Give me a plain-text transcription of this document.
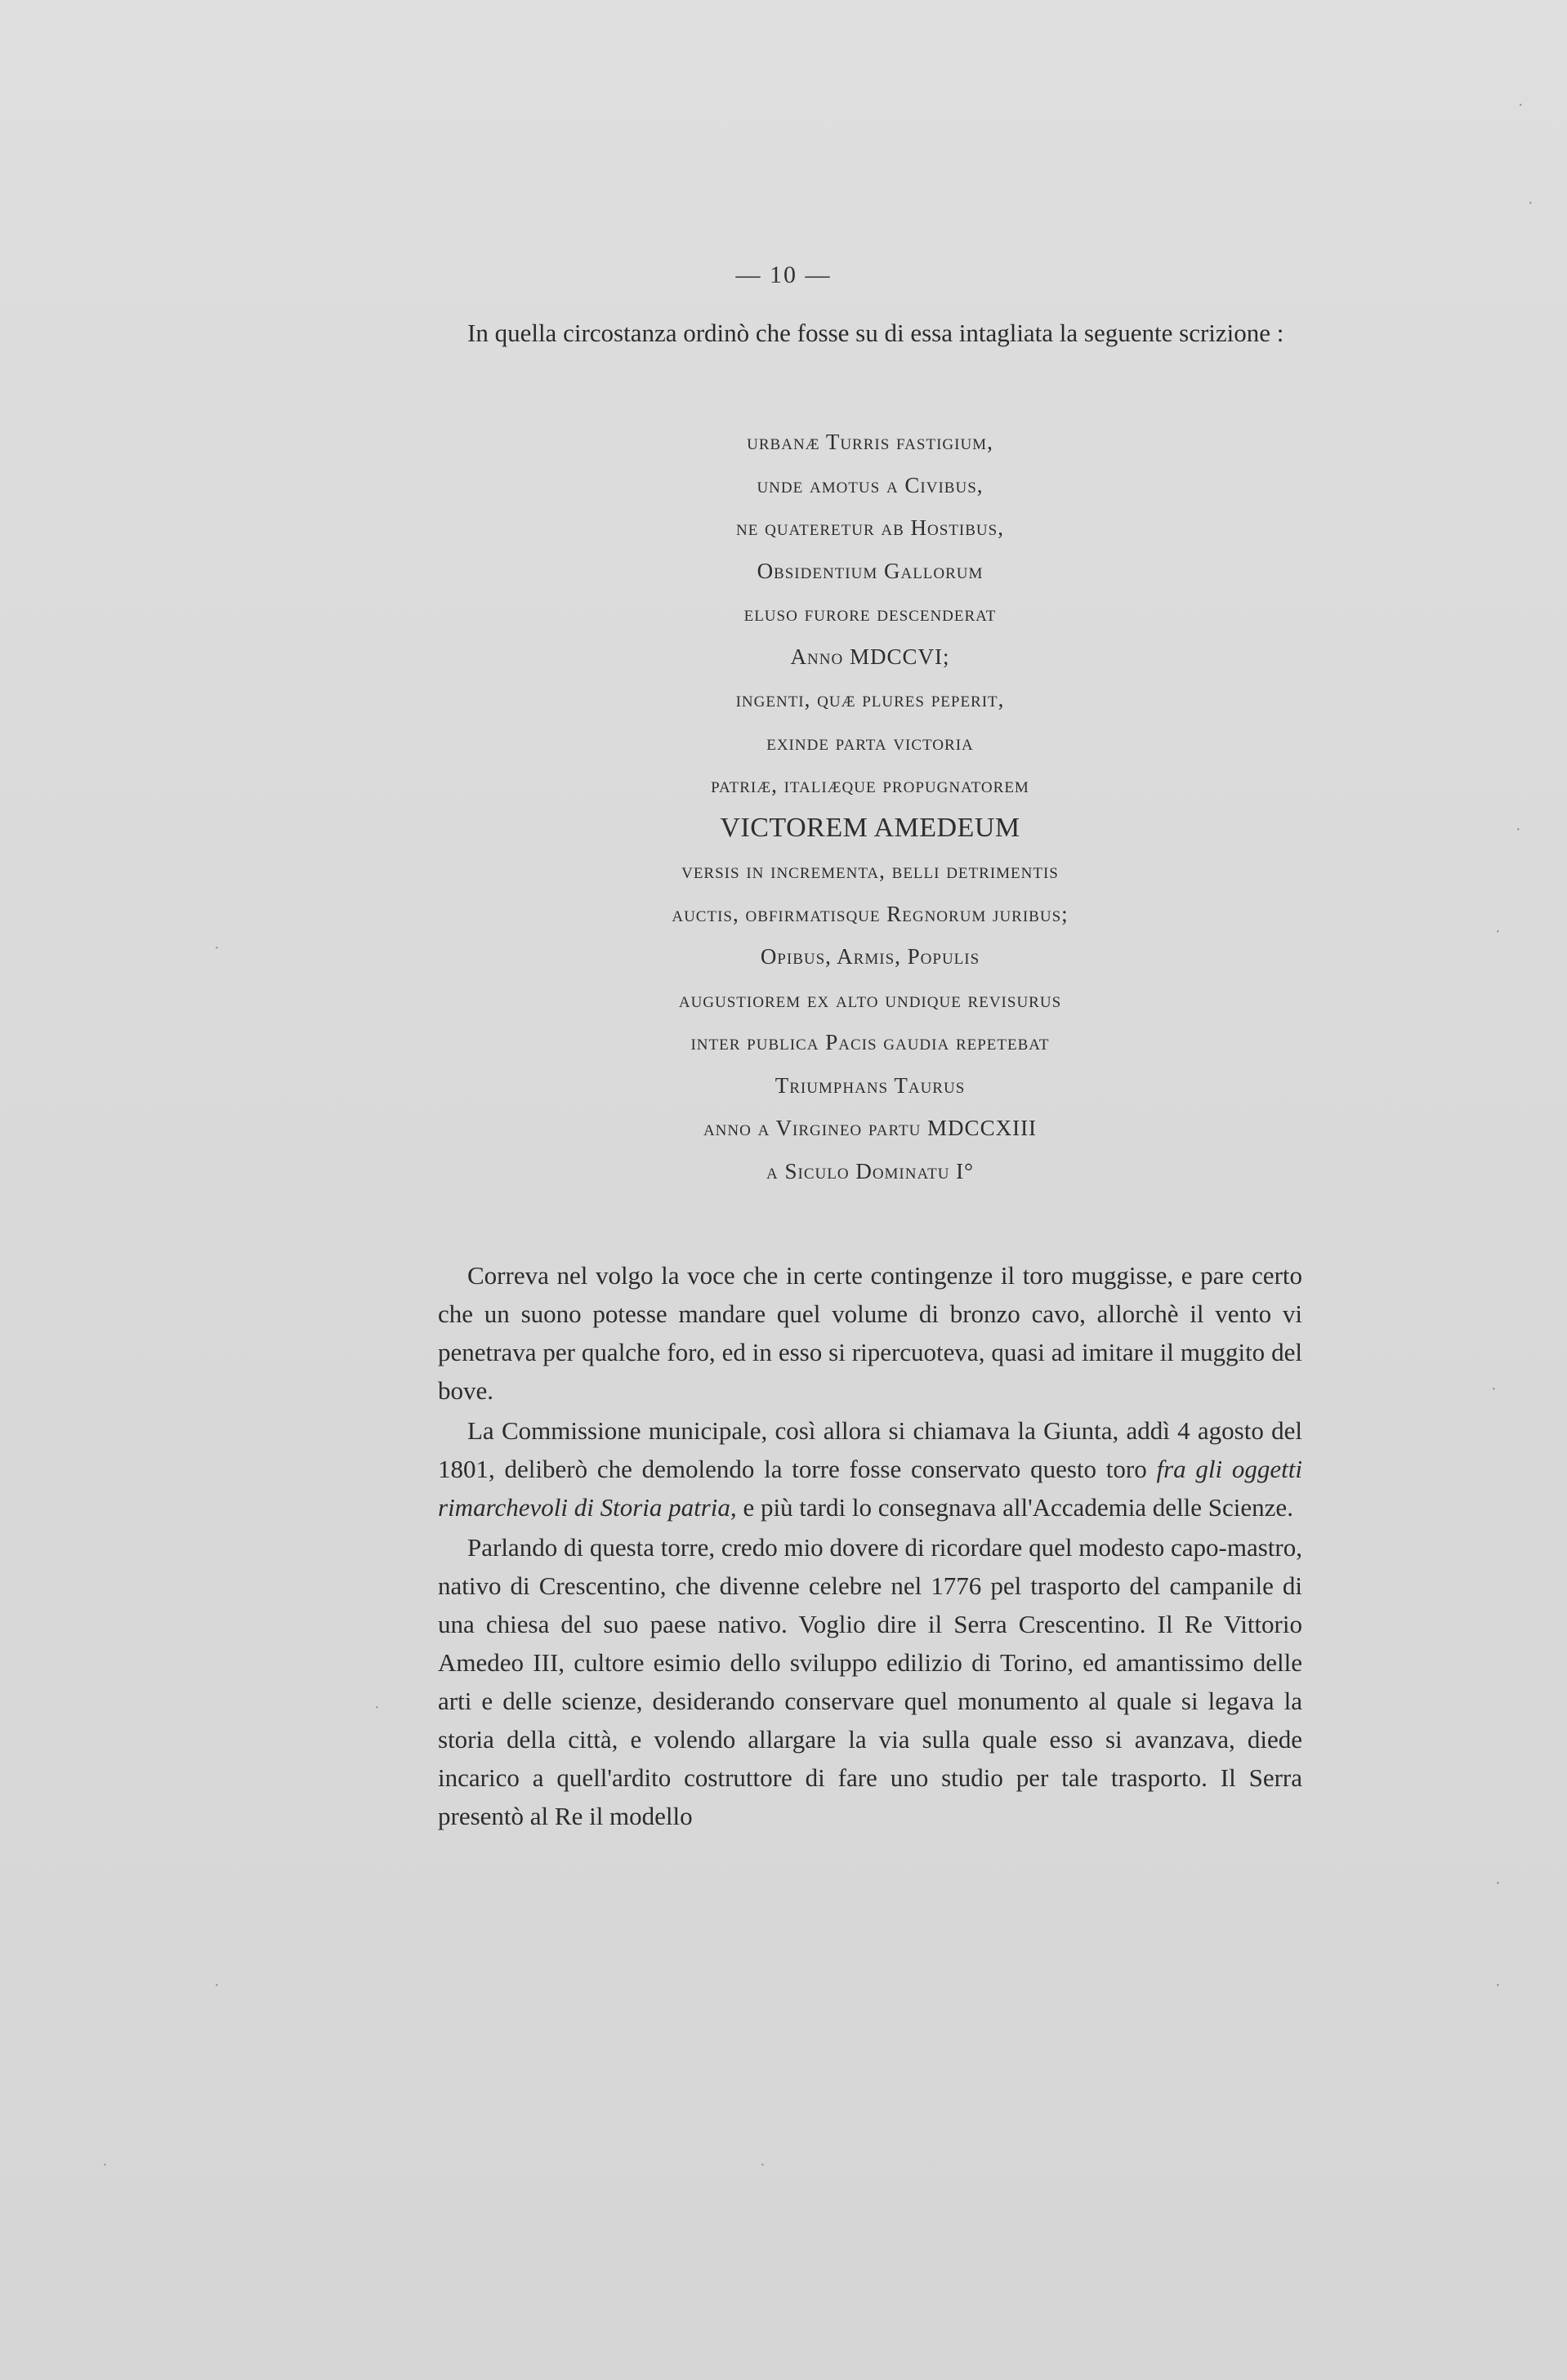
— 10 —

In quella circostanza ordinò che fosse su di essa intagliata la seguente scrizione :

urbanæ Turris fastigium,
unde amotus a Civibus,
ne quateretur ab Hostibus,
Obsidentium Gallorum
eluso furore descenderat
Anno MDCCVI;
ingenti, quæ plures peperit,
exinde parta victoria
patriæ, italiæque propugnatorem
VICTOREM AMEDEUM
versis in incrementa, belli detrimentis
auctis, obfirmatisque Regnorum juribus;
Opibus, Armis, Populis
augustiorem ex alto undique revisurus
inter publica Pacis gaudia repetebat
Triumphans Taurus
anno a Virgineo partu MDCCXIII
a Siculo Dominatu I°

Correva nel volgo la voce che in certe contingenze il toro muggisse, e pare certo che un suono potesse mandare quel volume di bronzo cavo, allorchè il vento vi penetrava per qualche foro, ed in esso si ripercuoteva, quasi ad imitare il muggito del bove.

La Commissione municipale, così allora si chiamava la Giunta, addì 4 agosto del 1801, deliberò che demolendo la torre fosse conservato questo toro fra gli oggetti rimarchevoli di Storia patria, e più tardi lo consegnava all'Accademia delle Scienze.

Parlando di questa torre, credo mio dovere di ricordare quel modesto capo-mastro, nativo di Crescentino, che divenne celebre nel 1776 pel trasporto del campanile di una chiesa del suo paese nativo. Voglio dire il Serra Crescentino. Il Re Vittorio Amedeo III, cultore esimio dello sviluppo edilizio di Torino, ed amantissimo delle arti e delle scienze, desiderando conservare quel monumento al quale si legava la storia della città, e volendo allargare la via sulla quale esso si avanzava, diede incarico a quell'ardito costruttore di fare uno studio per tale trasporto. Il Serra presentò al Re il modello

·
·
·
·
·
·
·
·
·	·
·	·
